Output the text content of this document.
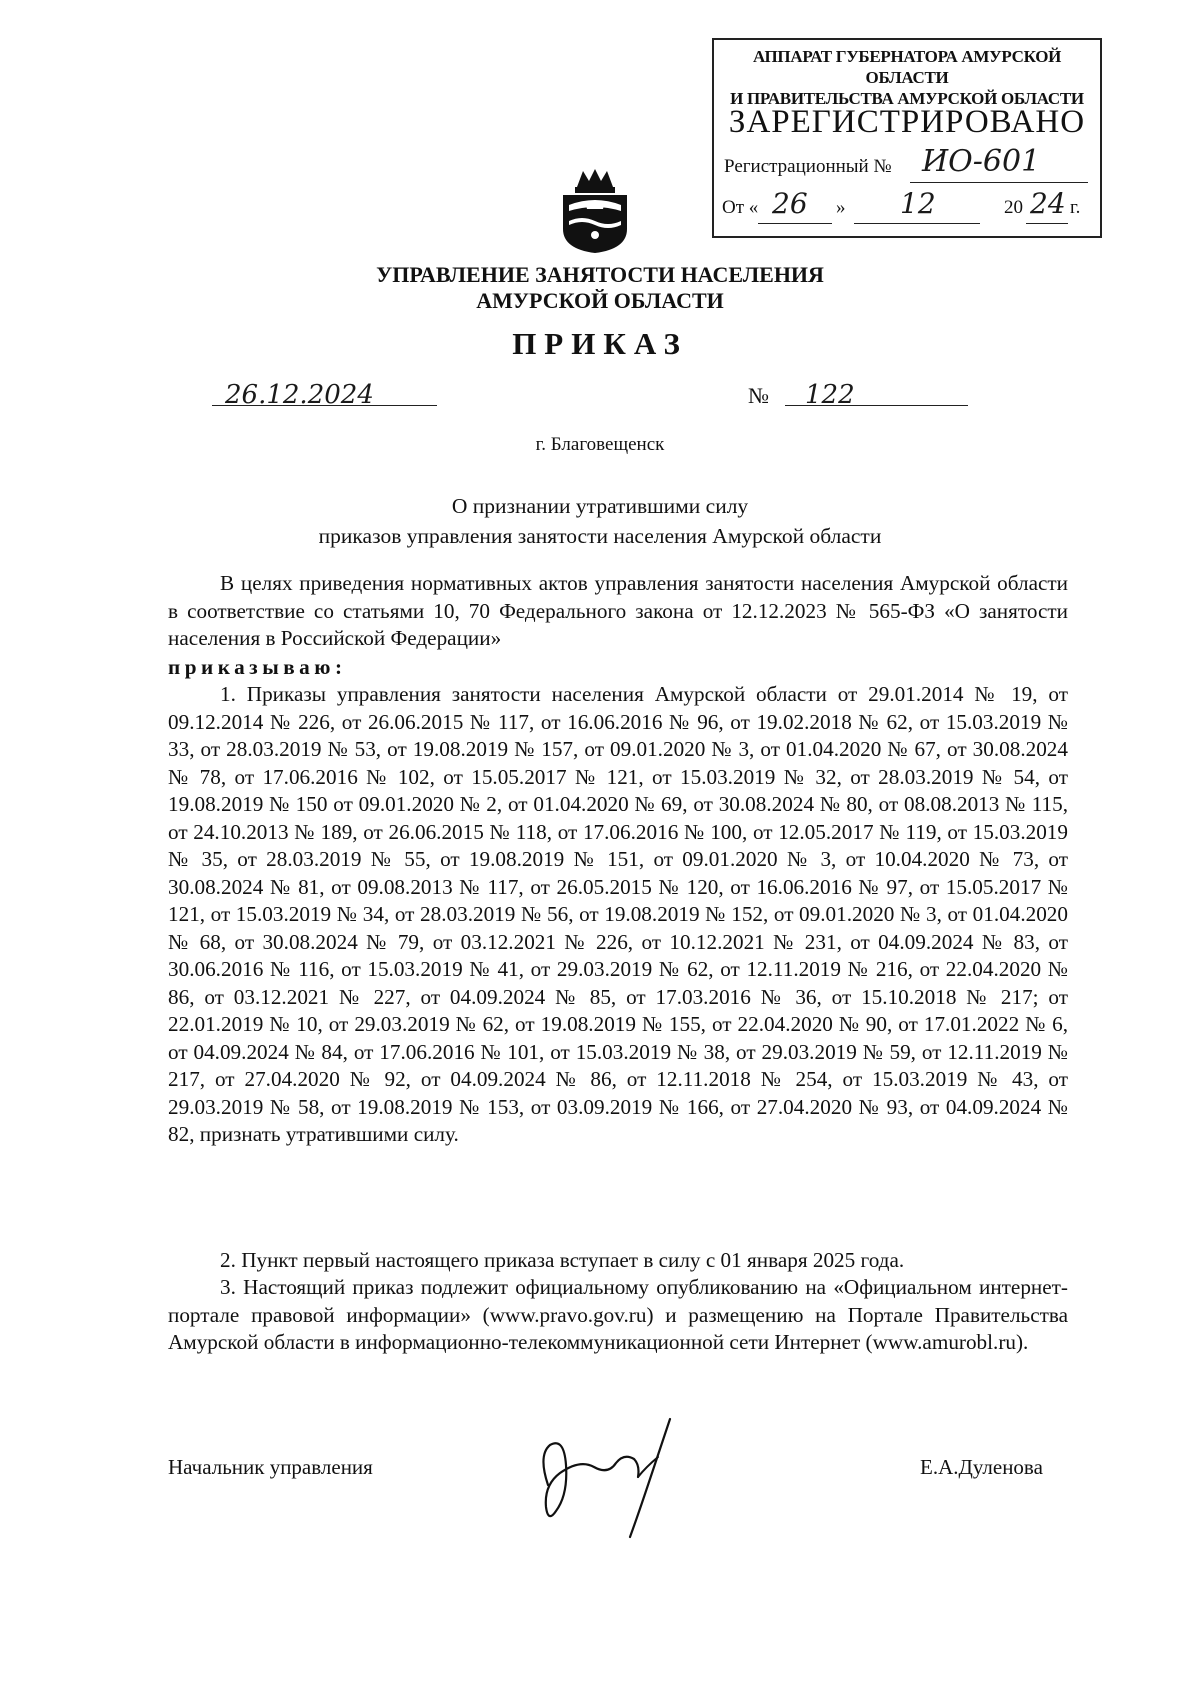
АППАРАТ ГУБЕРНАТОРА АМУРСКОЙ ОБЛАСТИ
И ПРАВИТЕЛЬСТВА АМУРСКОЙ ОБЛАСТИ
ЗАРЕГИСТРИРОВАНО
Регистрационный № ИО-601
От « 26 » 12	20 24 г.
УПРАВЛЕНИЕ ЗАНЯТОСТИ НАСЕЛЕНИЯ
АМУРСКОЙ ОБЛАСТИ
ПРИКАЗ
26.12.2024	№ 122
г. Благовещенск
О признании утратившими силу
приказов управления занятости населения Амурской области
В целях приведения нормативных актов управления занятости населения Амурской области в соответствие со статьями 10, 70 Федерального закона от 12.12.2023 № 565-ФЗ «О занятости населения в Российской Федерации»
приказываю:
1. Приказы управления занятости населения Амурской области от 29.01.2014 № 19, от 09.12.2014 № 226, от 26.06.2015 № 117, от 16.06.2016 № 96, от 19.02.2018 № 62, от 15.03.2019 № 33, от 28.03.2019 № 53, от 19.08.2019 № 157, от 09.01.2020 № 3, от 01.04.2020 № 67, от 30.08.2024 № 78, от 17.06.2016 № 102, от 15.05.2017 № 121, от 15.03.2019 № 32, от 28.03.2019 № 54, от 19.08.2019 № 150 от 09.01.2020 № 2, от 01.04.2020 № 69, от 30.08.2024 № 80, от 08.08.2013 № 115, от 24.10.2013 № 189, от 26.06.2015 № 118, от 17.06.2016 № 100, от 12.05.2017 № 119, от 15.03.2019 № 35, от 28.03.2019 № 55, от 19.08.2019 № 151, от 09.01.2020 № 3, от 10.04.2020 № 73, от 30.08.2024 № 81, от 09.08.2013 № 117, от 26.05.2015 № 120, от 16.06.2016 № 97, от 15.05.2017 № 121, от 15.03.2019 № 34, от 28.03.2019 № 56, от 19.08.2019 № 152, от 09.01.2020 № 3, от 01.04.2020 № 68, от 30.08.2024 № 79, от 03.12.2021 № 226, от 10.12.2021 № 231, от 04.09.2024 № 83, от 30.06.2016 № 116, от 15.03.2019 № 41, от 29.03.2019 № 62, от 12.11.2019 № 216, от 22.04.2020 № 86, от 03.12.2021 № 227, от 04.09.2024 № 85, от 17.03.2016 № 36, от 15.10.2018 № 217; от 22.01.2019 № 10, от 29.03.2019 № 62, от 19.08.2019 № 155, от 22.04.2020 № 90, от 17.01.2022 № 6, от 04.09.2024 № 84, от 17.06.2016 № 101, от 15.03.2019 № 38, от 29.03.2019 № 59, от 12.11.2019 № 217, от 27.04.2020 № 92, от 04.09.2024 № 86, от 12.11.2018 № 254, от 15.03.2019 № 43, от 29.03.2019 № 58, от 19.08.2019 № 153, от 03.09.2019 № 166, от 27.04.2020 № 93, от 04.09.2024 № 82, признать утратившими силу.
2. Пункт первый настоящего приказа вступает в силу с 01 января 2025 года.
3. Настоящий приказ подлежит официальному опубликованию на «Официальном интернет-портале правовой информации» (www.pravo.gov.ru) и размещению на Портале Правительства Амурской области в информационно-телекоммуникационной сети Интернет (www.amurobl.ru).
Начальник управления	Е.А.Дуленова
